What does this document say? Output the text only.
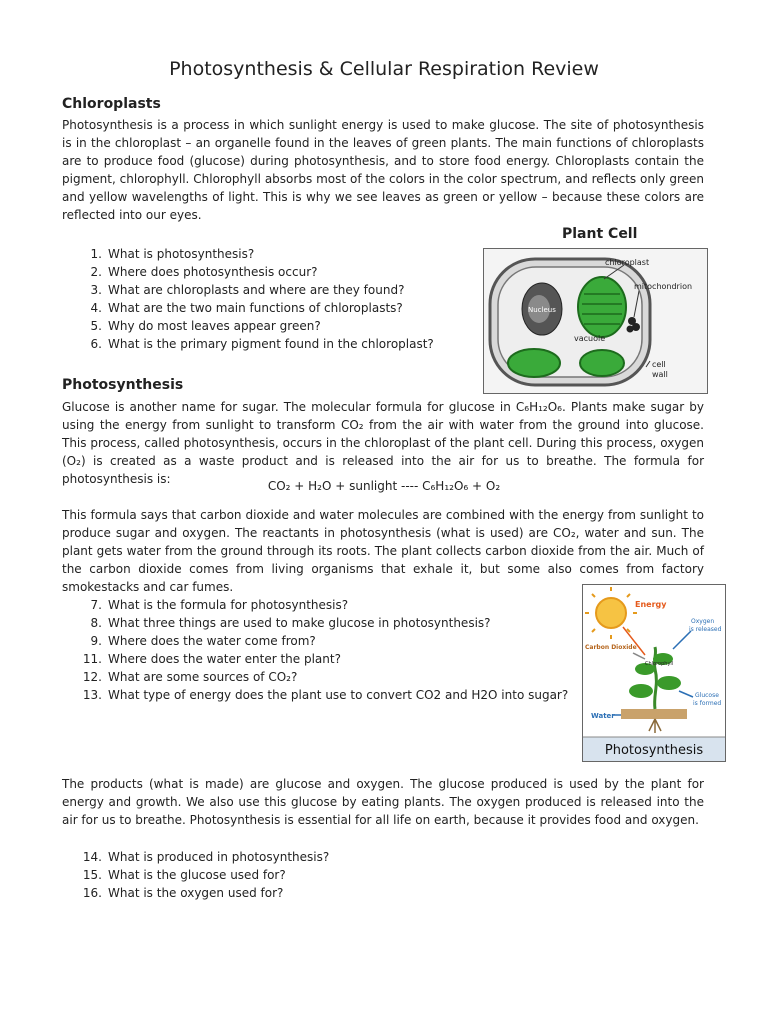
Photosynthesis & Cellular Respiration Review
Chloroplasts
Photosynthesis is a process in which sunlight energy is used to make glucose. The site of photosynthesis is in the chloroplast – an organelle found in the leaves of green plants. The main functions of chloroplasts are to produce food (glucose) during photosynthesis, and to store food energy. Chloroplasts contain the pigment, chlorophyll. Chlorophyll absorbs most of the colors in the color spectrum, and reflects only green and yellow wavelengths of light. This is why we see leaves as green or yellow – because these colors are reflected into our eyes.
1. What is photosynthesis?
2. Where does photosynthesis occur?
3. What are chloroplasts and where are they found?
4. What are the two main functions of chloroplasts?
5. Why do most leaves appear green?
6. What is the primary pigment found in the chloroplast?
Plant Cell
chloroplast
mitochondrion
Nucleus
vacuole
cell
wall
Photosynthesis
Glucose is another name for sugar. The molecular formula for glucose in C₆H₁₂O₆. Plants make sugar by using the energy from sunlight to transform CO₂ from the air with water from the ground into glucose. This process, called photosynthesis, occurs in the chloroplast of the plant cell. During this process, oxygen (O₂) is created as a waste product and is released into the air for us to breathe. The formula for photosynthesis is:	CO₂ + H₂O + sunlight ---- C₆H₁₂O₆ + O₂
This formula says that carbon dioxide and water molecules are combined with the energy from sunlight to produce sugar and oxygen. The reactants in photosynthesis (what is used) are CO₂, water and sun. The plant gets water from the ground through its roots. The plant collects carbon dioxide from the air. Much of the carbon dioxide comes from living organisms that exhale it, but some also comes from factory smokestacks and car fumes.
7. What is the formula for photosynthesis?
8. What three things are used to make glucose in photosynthesis?
9. Where does the water come from?
11. Where does the water enter the plant?
12. What are some sources of CO₂?
13. What type of energy does the plant use to convert CO2 and H2O into sugar?
Energy
Oxygen
is released
Carbon Dioxide
Chlorophyll
Glucose
is formed
Water
Photosynthesis
The products (what is made) are glucose and oxygen. The glucose produced is used by the plant for energy and growth. We also use this glucose by eating plants. The oxygen produced is released into the air for us to breathe. Photosynthesis is essential for all life on earth, because it provides food and oxygen.
14. What is produced in photosynthesis?
15. What is the glucose used for?
16. What is the oxygen used for?
